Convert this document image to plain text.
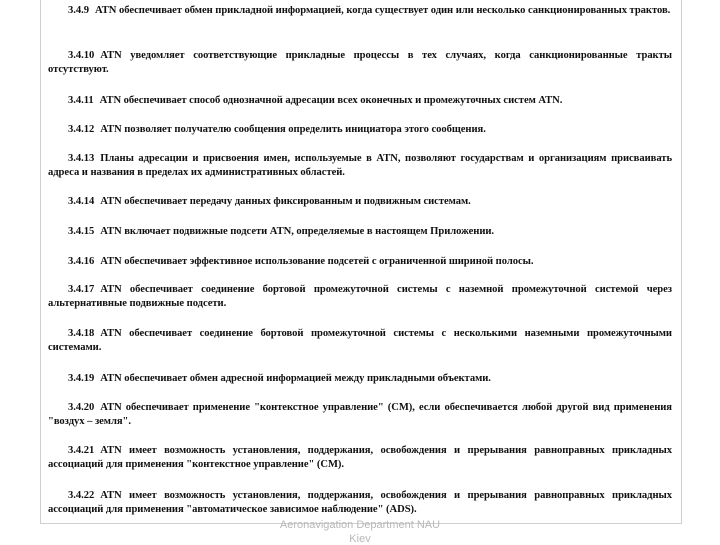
3.4.9 ATN обеспечивает обмен прикладной информацией, когда существует один или несколько санкционированных трактов.
3.4.10 ATN уведомляет соответствующие прикладные процессы в тех случаях, когда санкционированные тракты отсутствуют.
3.4.11 ATN обеспечивает способ однозначной адресации всех оконечных и промежуточных систем ATN.
3.4.12 ATN позволяет получателю сообщения определить инициатора этого сообщения.
3.4.13 Планы адресации и присвоения имен, используемые в ATN, позволяют государствам и организациям присваивать адреса и названия в пределах их административных областей.
3.4.14 ATN обеспечивает передачу данных фиксированным и подвижным системам.
3.4.15 ATN включает подвижные подсети ATN, определяемые в настоящем Приложении.
3.4.16 ATN обеспечивает эффективное использование подсетей с ограниченной шириной полосы.
3.4.17 ATN обеспечивает соединение бортовой промежуточной системы с наземной промежуточной системой через альтернативные подвижные подсети.
3.4.18 ATN обеспечивает соединение бортовой промежуточной системы с несколькими наземными промежуточными системами.
3.4.19 ATN обеспечивает обмен адресной информацией между прикладными объектами.
3.4.20 ATN обеспечивает применение "контекстное управление" (CM), если обеспечивается любой другой вид применения "воздух – земля".
3.4.21 ATN имеет возможность установления, поддержания, освобождения и прерывания равноправных прикладных ассоциаций для применения "контекстное управление" (CM).
3.4.22 ATN имеет возможность установления, поддержания, освобождения и прерывания равноправных прикладных ассоциаций для применения "автоматическое зависимое наблюдение" (ADS).
Aeronavigation Department NAU
Kiev
